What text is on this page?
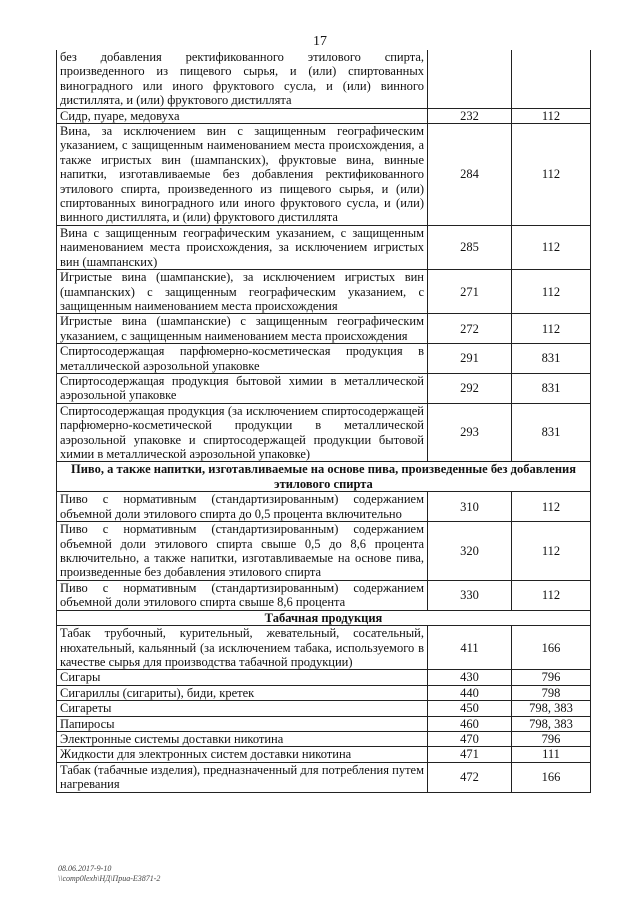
17
без добавления ректификованного этилового спирта, произведенного из пищевого сырья, и (или) спиртованных виноградного или иного фруктового сусла, и (или) винного дистиллята, и (или) фруктового дистиллята		
Сидр, пуаре, медовуха	232	112
Вина, за исключением вин с защищенным географическим указанием, с защищенным наименованием места происхождения, а также игристых вин (шампанских), фруктовые вина, винные напитки, изготавливаемые без добавления ректификованного этилового спирта, произведенного из пищевого сырья, и (или) спиртованных виноградного или иного фруктового сусла, и (или) винного дистиллята, и (или) фруктового дистиллята	284	112
Вина с защищенным географическим указанием, с защищенным наименованием места происхождения, за исключением игристых вин (шампанских)	285	112
Игристые вина (шампанские), за исключением игристых вин (шампанских) с защищенным географическим указанием, с защищенным наименованием места происхождения	271	112
Игристые вина (шампанские) с защищенным географическим указанием, с защищенным наименованием места происхождения	272	112
Спиртосодержащая парфюмерно-косметическая продукция в металлической аэрозольной упаковке	291	831
Спиртосодержащая продукция бытовой химии в металлической аэрозольной упаковке	292	831
Спиртосодержащая продукция (за исключением спиртосодержащей парфюмерно-косметической продукции в металлической аэрозольной упаковке и спиртосодержащей продукции бытовой химии в металлической аэрозольной упаковке)	293	831
Пиво, а также напитки, изготавливаемые на основе пива, произведенные без добавления этилового спирта		
Пиво с нормативным (стандартизированным) содержанием объемной доли этилового спирта до 0,5 процента включительно	310	112
Пиво с нормативным (стандартизированным) содержанием объемной доли этилового спирта свыше 0,5 до 8,6 процента включительно, а также напитки, изготавливаемые на основе пива, произведенные без добавления этилового спирта	320	112
Пиво с нормативным (стандартизированным) содержанием объемной доли этилового спирта свыше 8,6 процента	330	112
Табачная продукция		
Табак трубочный, курительный, жевательный, сосательный, нюхательный, кальянный (за исключением табака, используемого в качестве сырья для производства табачной продукции)	411	166
Сигары	430	796
Сигариллы (сигариты), биди, кретек	440	798
Сигареты	450	798, 383
Папиросы	460	798, 383
Электронные системы доставки никотина	470	796
Жидкости для электронных систем доставки никотина	471	111
Табак (табачные изделия), предназначенный для потребления путем нагревания	472	166
08.06.2017-9-10
\\comp0lexh\НД\Приа-E3871-2
